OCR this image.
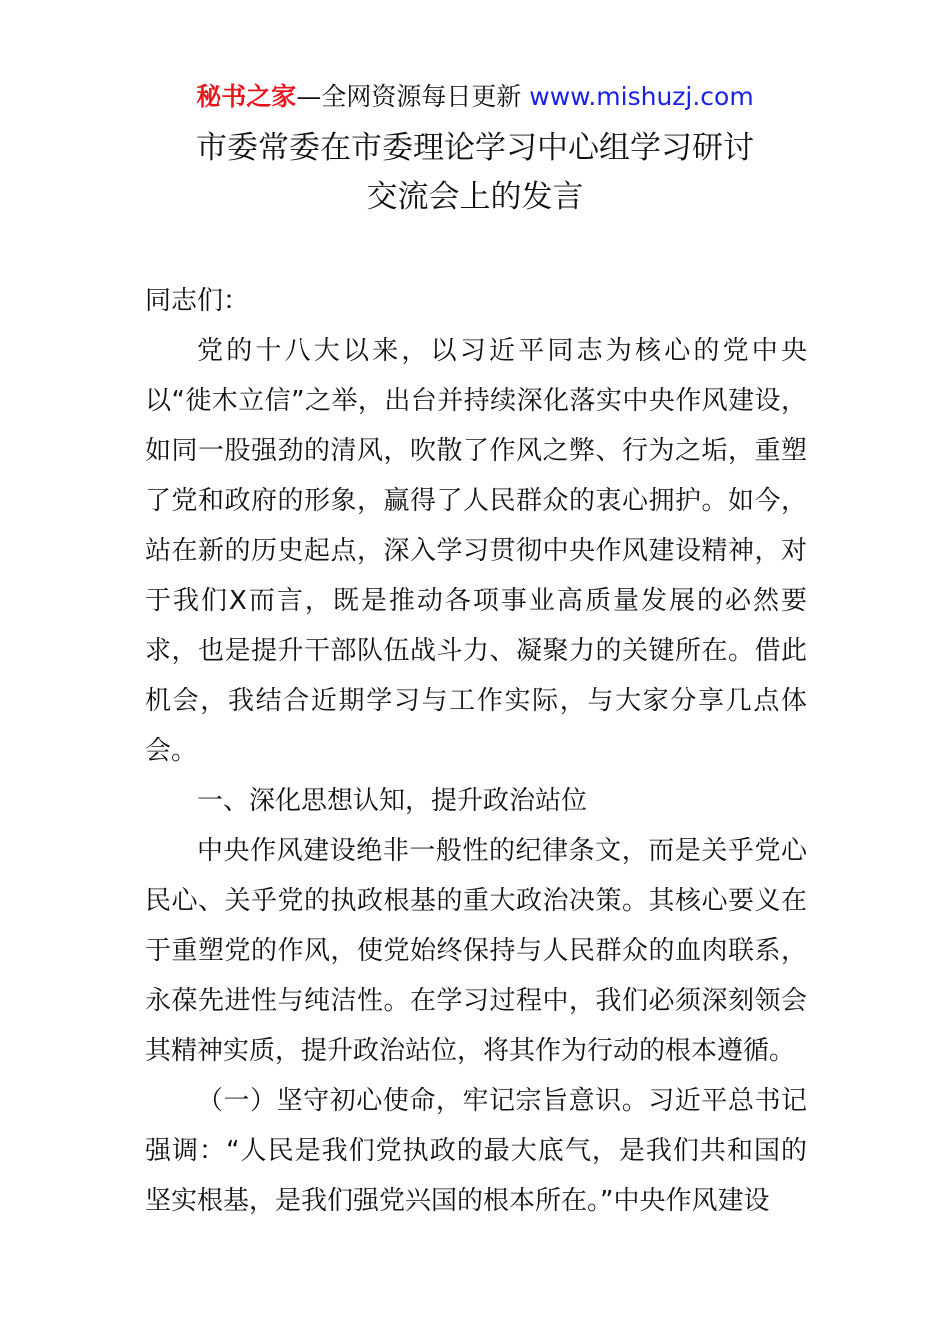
秘书之家—全网资源每日更新 www.mishuzj.com
市委常委在市委理论学习中心组学习研讨
交流会上的发言

同志们：

党的十八大以来，以习近平同志为核心的党中央以“徙木立信”之举，出台并持续深化落实中央作风建设，如同一股强劲的清风，吹散了作风之弊、行为之垢，重塑了党和政府的形象，赢得了人民群众的衷心拥护。如今，站在新的历史起点，深入学习贯彻中央作风建设精神，对于我们X而言，既是推动各项事业高质量发展的必然要求，也是提升干部队伍战斗力、凝聚力的关键所在。借此机会，我结合近期学习与工作实际，与大家分享几点体会。

一、深化思想认知，提升政治站位

中央作风建设绝非一般性的纪律条文，而是关乎党心民心、关乎党的执政根基的重大政治决策。其核心要义在于重塑党的作风，使党始终保持与人民群众的血肉联系，永葆先进性与纯洁性。在学习过程中，我们必须深刻领会其精神实质，提升政治站位，将其作为行动的根本遵循。

（一）坚守初心使命，牢记宗旨意识。习近平总书记强调：“人民是我们党执政的最大底气，是我们共和国的坚实根基，是我们强党兴国的根本所在。”中央作风建设
